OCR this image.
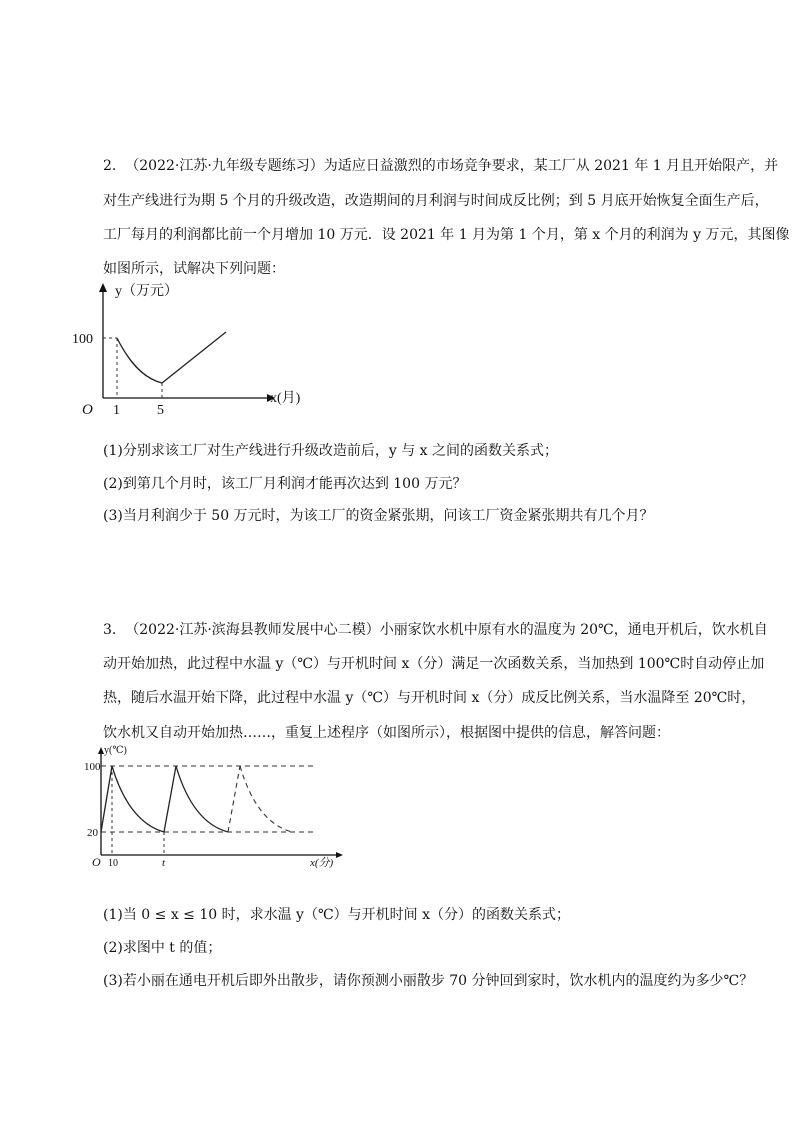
2. （2022·江苏·九年级专题练习）为适应日益激烈的市场竞争要求，某工厂从 2021 年 1 月且开始限产，并
对生产线进行为期 5 个月的升级改造，改造期间的月利润与时间成反比例；到 5 月底开始恢复全面生产后，
工厂每月的利润都比前一个月增加 10 万元．设 2021 年 1 月为第 1 个月，第 x 个月的利润为 y 万元，其图像
如图所示，试解决下列问题：
y（万元）
100
O 1	5
x(月)
(1)分别求该工厂对生产线进行升级改造前后，y 与 x 之间的函数关系式；
(2)到第几个月时，该工厂月利润才能再次达到 100 万元？
(3)当月利润少于 50 万元时，为该工厂的资金紧张期，问该工厂资金紧张期共有几个月？
3. （2022·江苏·滨海县教师发展中心二模）小丽家饮水机中原有水的温度为 20℃，通电开机后，饮水机自
动开始加热，此过程中水温 y（℃）与开机时间 x（分）满足一次函数关系，当加热到 100℃时自动停止加
热，随后水温开始下降，此过程中水温 y（℃）与开机时间 x（分）成反比例关系，当水温降至 20℃时，
饮水机又自动开始加热……，重复上述程序（如图所示），根据图中提供的信息，解答问题：
y(℃)
100
20
O 10	t	x(分)
(1)当 0 ≤ x ≤ 10 时，求水温 y（℃）与开机时间 x（分）的函数关系式；
(2)求图中 t 的值；
(3)若小丽在通电开机后即外出散步，请你预测小丽散步 70 分钟回到家时，饮水机内的温度约为多少℃？
